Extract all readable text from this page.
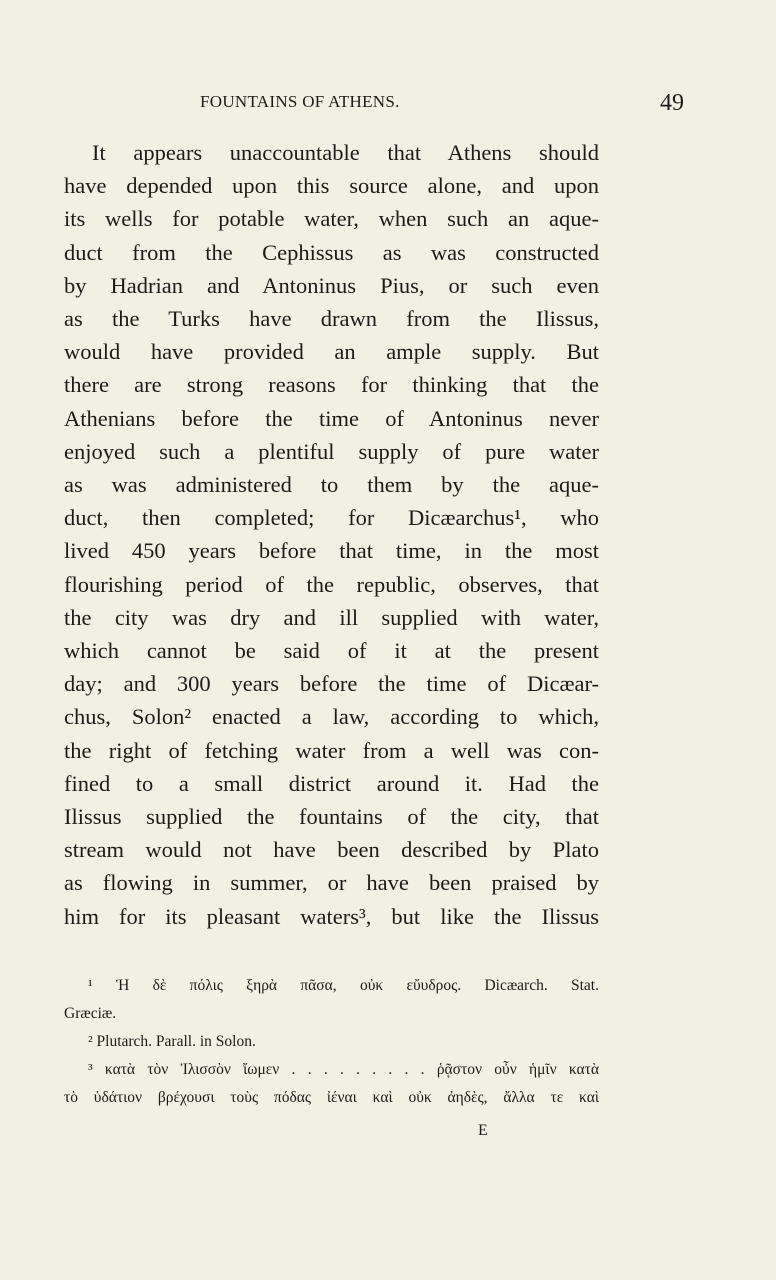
FOUNTAINS OF ATHENS.	49
It appears unaccountable that Athens should
have depended upon this source alone, and upon
its wells for potable water, when such an aque-
duct from the Cephissus as was constructed
by Hadrian and Antoninus Pius, or such even
as the Turks have drawn from the Ilissus,
would have provided an ample supply. But
there are strong reasons for thinking that the
Athenians before the time of Antoninus never
enjoyed such a plentiful supply of pure water
as was administered to them by the aque-
duct, then completed; for Dicæarchus¹, who
lived 450 years before that time, in the most
flourishing period of the republic, observes, that
the city was dry and ill supplied with water,
which cannot be said of it at the present
day; and 300 years before the time of Dicæar-
chus, Solon² enacted a law, according to which,
the right of fetching water from a well was con-
fined to a small district around it. Had the
Ilissus supplied the fountains of the city, that
stream would not have been described by Plato
as flowing in summer, or have been praised by
him for its pleasant waters³, but like the Ilissus
¹ Ἡ δὲ πόλις ξηρὰ πᾶσα, οὐκ εὔυδρος. Dicæarch. Stat.
Græciæ.
² Plutarch. Parall. in Solon.
³ κατὰ τὸν Ἰλισσὸν ἴωμεν . . . . . . . . . ῥᾷστον οὖν ἡμῖν κατὰ
τὸ ὑδάτιον βρέχουσι τοὺς πόδας ἰέναι καὶ οὐκ ἀηδὲς, ἄλλα τε καὶ
E
